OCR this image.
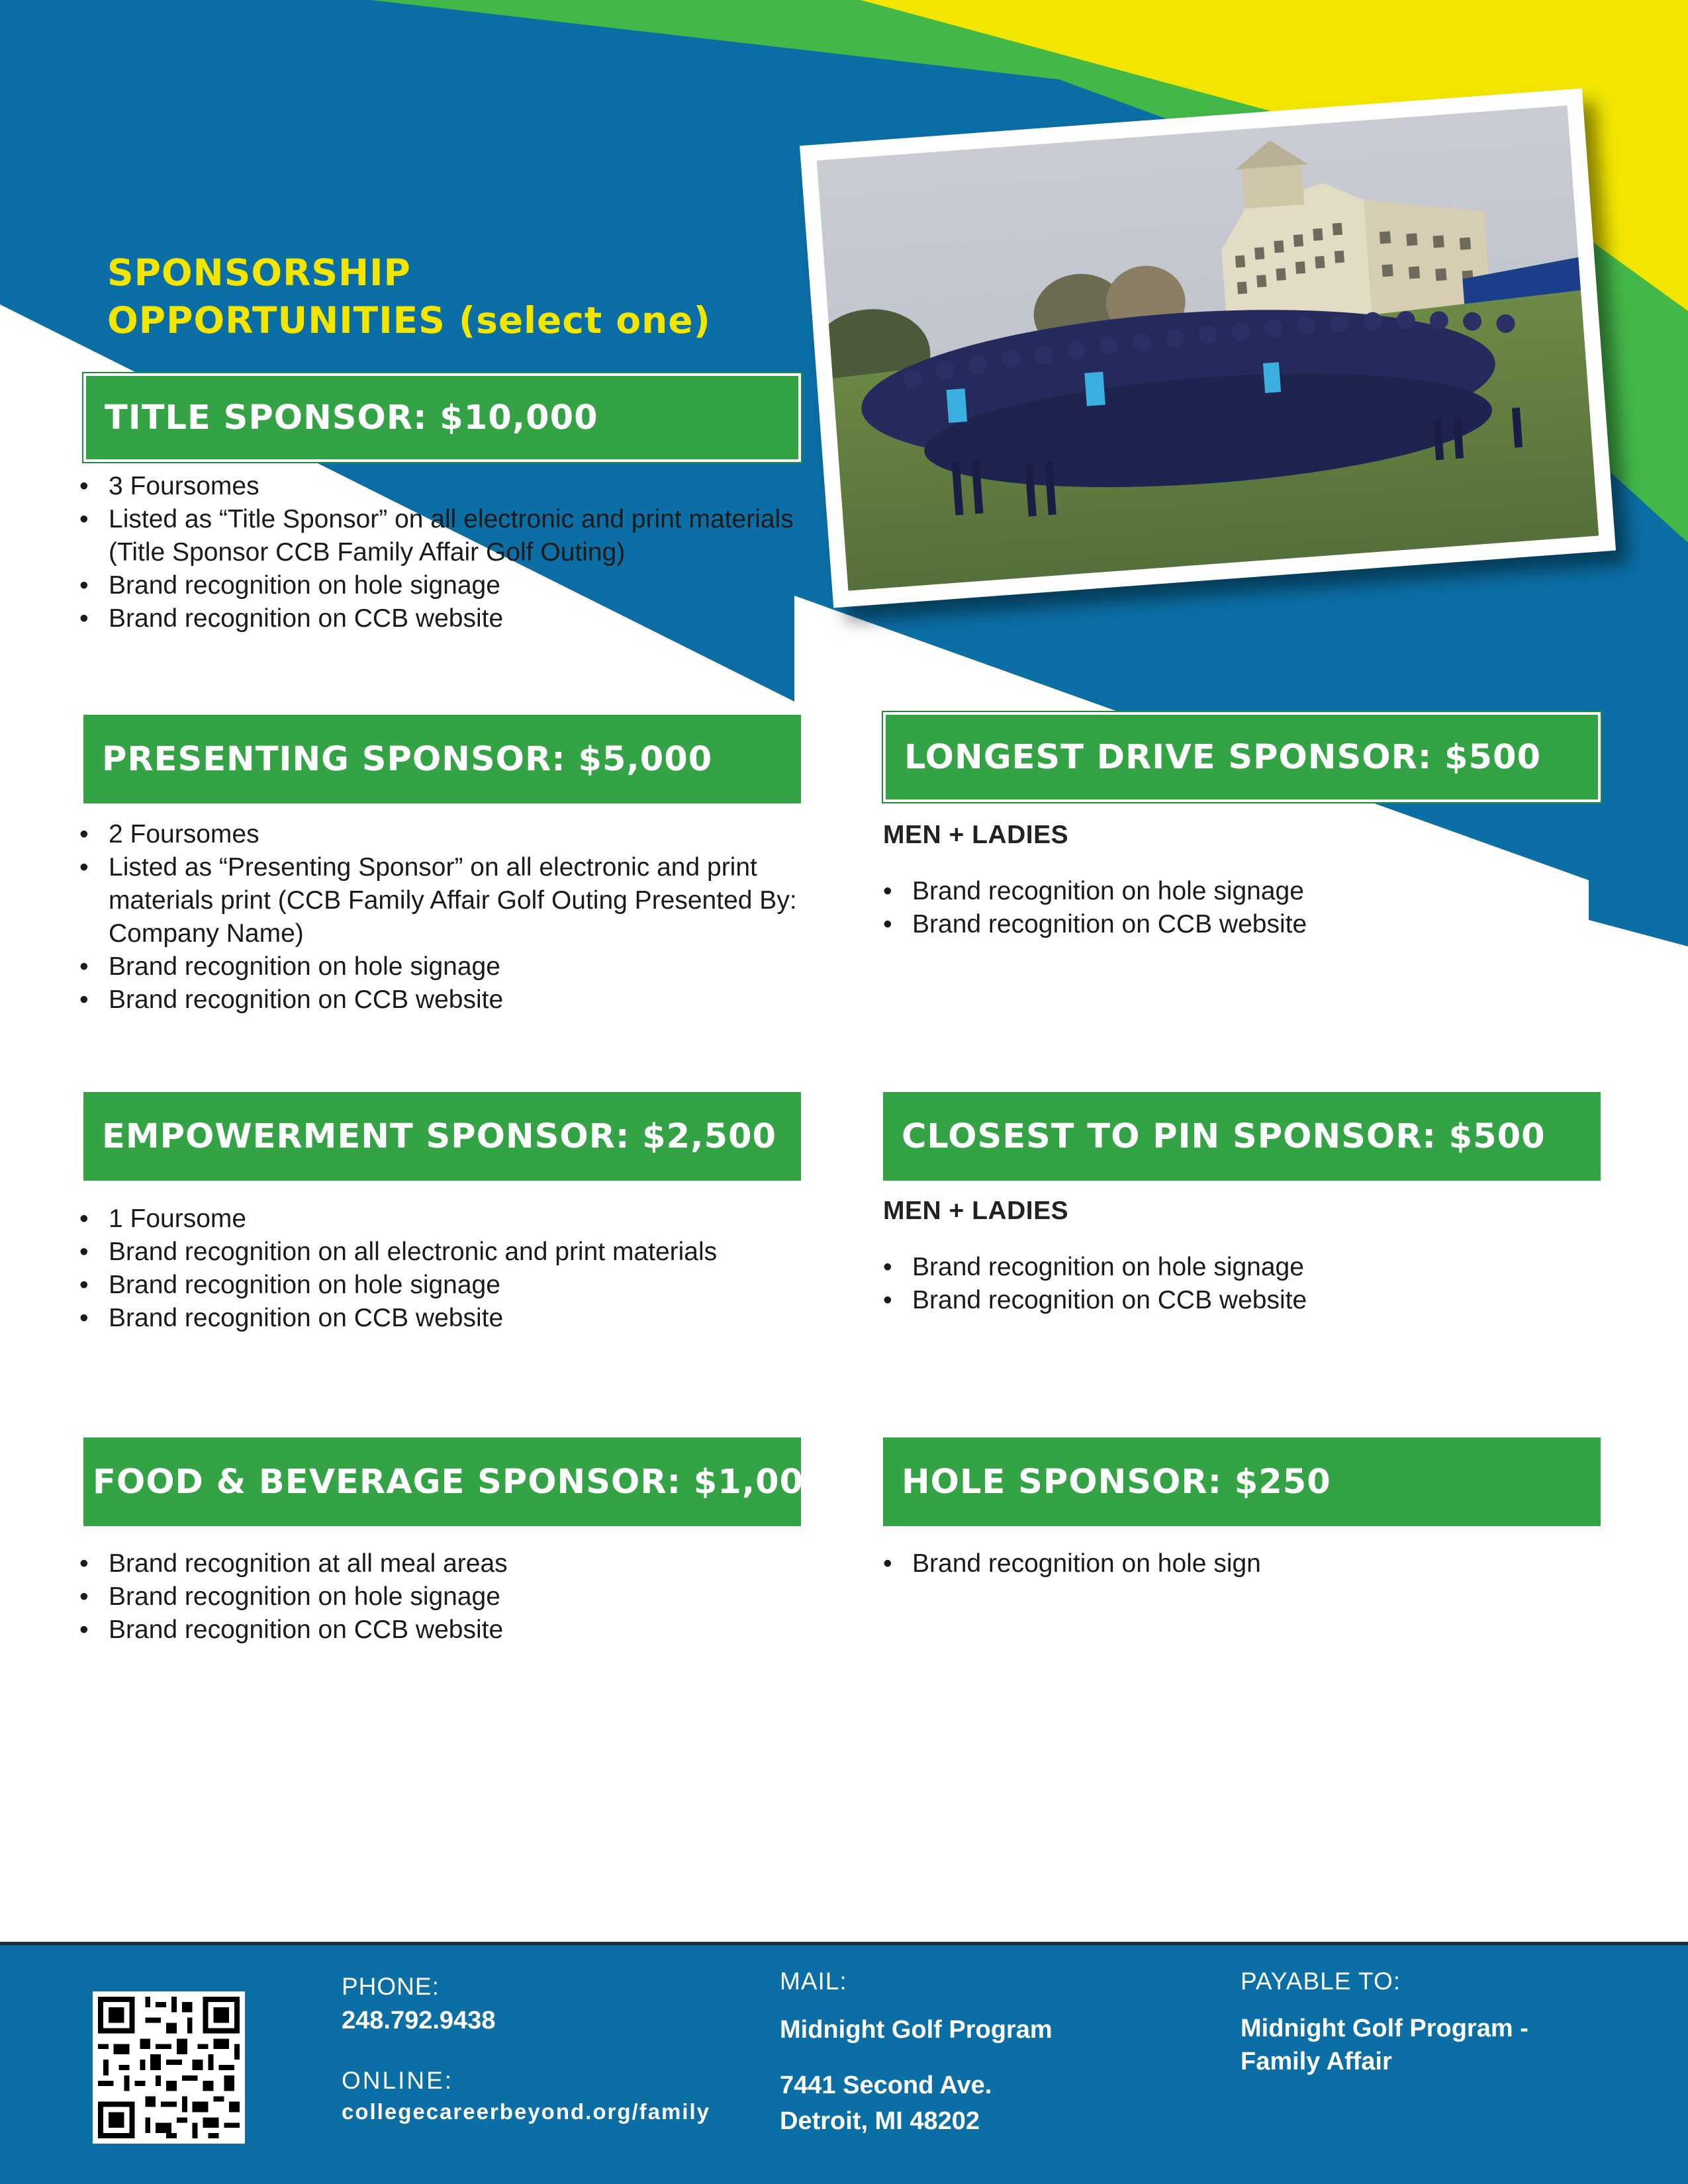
SPONSORSHIP
OPPORTUNITIES (select one)
TITLE SPONSOR: $10,000
• 3 Foursomes
• Listed as “Title Sponsor” on all electronic and print materials (Title Sponsor CCB Family Affair Golf Outing)
• Brand recognition on hole signage
• Brand recognition on CCB website
PRESENTING SPONSOR: $5,000
• 2 Foursomes
• Listed as “Presenting Sponsor” on all electronic and print materials print (CCB Family Affair Golf Outing Presented By: Company Name)
• Brand recognition on hole signage
• Brand recognition on CCB website
EMPOWERMENT SPONSOR: $2,500
• 1 Foursome
• Brand recognition on all electronic and print materials
• Brand recognition on hole signage
• Brand recognition on CCB website
FOOD & BEVERAGE SPONSOR: $1,000
• Brand recognition at all meal areas
• Brand recognition on hole signage
• Brand recognition on CCB website
LONGEST DRIVE SPONSOR: $500
MEN + LADIES
• Brand recognition on hole signage
• Brand recognition on CCB website
CLOSEST TO PIN SPONSOR: $500
MEN + LADIES
• Brand recognition on hole signage
• Brand recognition on CCB website
HOLE SPONSOR: $250
• Brand recognition on hole sign
PHONE:
248.792.9438
ONLINE:
collegecareerbeyond.org/family
MAIL:
Midnight Golf Program
7441 Second Ave.
Detroit, MI 48202
PAYABLE TO:
Midnight Golf Program -
Family Affair
